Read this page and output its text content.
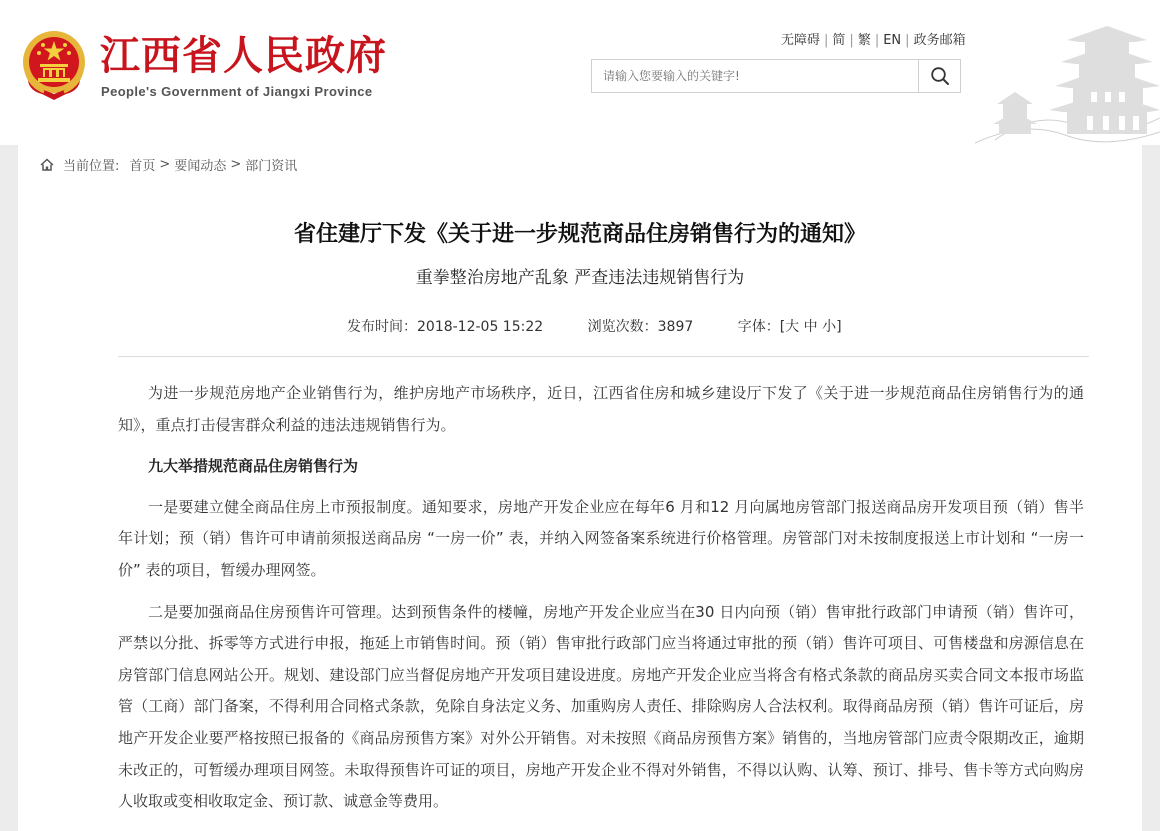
江西省人民政府
People's Government of Jiangxi Province
无障碍 | 简 | 繁 | EN | 政务邮箱
请输入您要输入的关键字!
当前位置: 首页 > 要闻动态 > 部门资讯
省住建厅下发《关于进一步规范商品住房销售行为的通知》
重拳整治房地产乱象 严查违法违规销售行为
发布时间：2018-12-05 15:22	浏览次数：3897	字体：[大 中 小]

为进一步规范房地产企业销售行为，维护房地产市场秩序，近日，江西省住房和城乡建设厅下发了《关于进一步规范商品住房销售行为的通知》，重点打击侵害群众利益的违法违规销售行为。

九大举措规范商品住房销售行为

一是要建立健全商品住房上市预报制度。通知要求，房地产开发企业应在每年6 月和12 月向属地房管部门报送商品房开发项目预（销）售半年计划；预（销）售许可申请前须报送商品房 “一房一价” 表，并纳入网签备案系统进行价格管理。房管部门对未按制度报送上市计划和 “一房一价” 表的项目，暂缓办理网签。

二是要加强商品住房预售许可管理。达到预售条件的楼幢，房地产开发企业应当在30 日内向预（销）售审批行政部门申请预（销）售许可，严禁以分批、拆零等方式进行申报，拖延上市销售时间。预（销）售审批行政部门应当将通过审批的预（销）售许可项目、可售楼盘和房源信息在房管部门信息网站公开。规划、建设部门应当督促房地产开发项目建设进度。房地产开发企业应当将含有格式条款的商品房买卖合同文本报市场监管（工商）部门备案，不得利用合同格式条款，免除自身法定义务、加重购房人责任、排除购房人合法权利。取得商品房预（销）售许可证后，房地产开发企业要严格按照已报备的《商品房预售方案》对外公开销售。对未按照《商品房预售方案》销售的，当地房管部门应责令限期改正，逾期未改正的，可暂缓办理项目网签。未取得预售许可证的项目，房地产开发企业不得对外销售，不得以认购、认筹、预订、排号、售卡等方式向购房人收取或变相收取定金、预订款、诚意金等费用。
